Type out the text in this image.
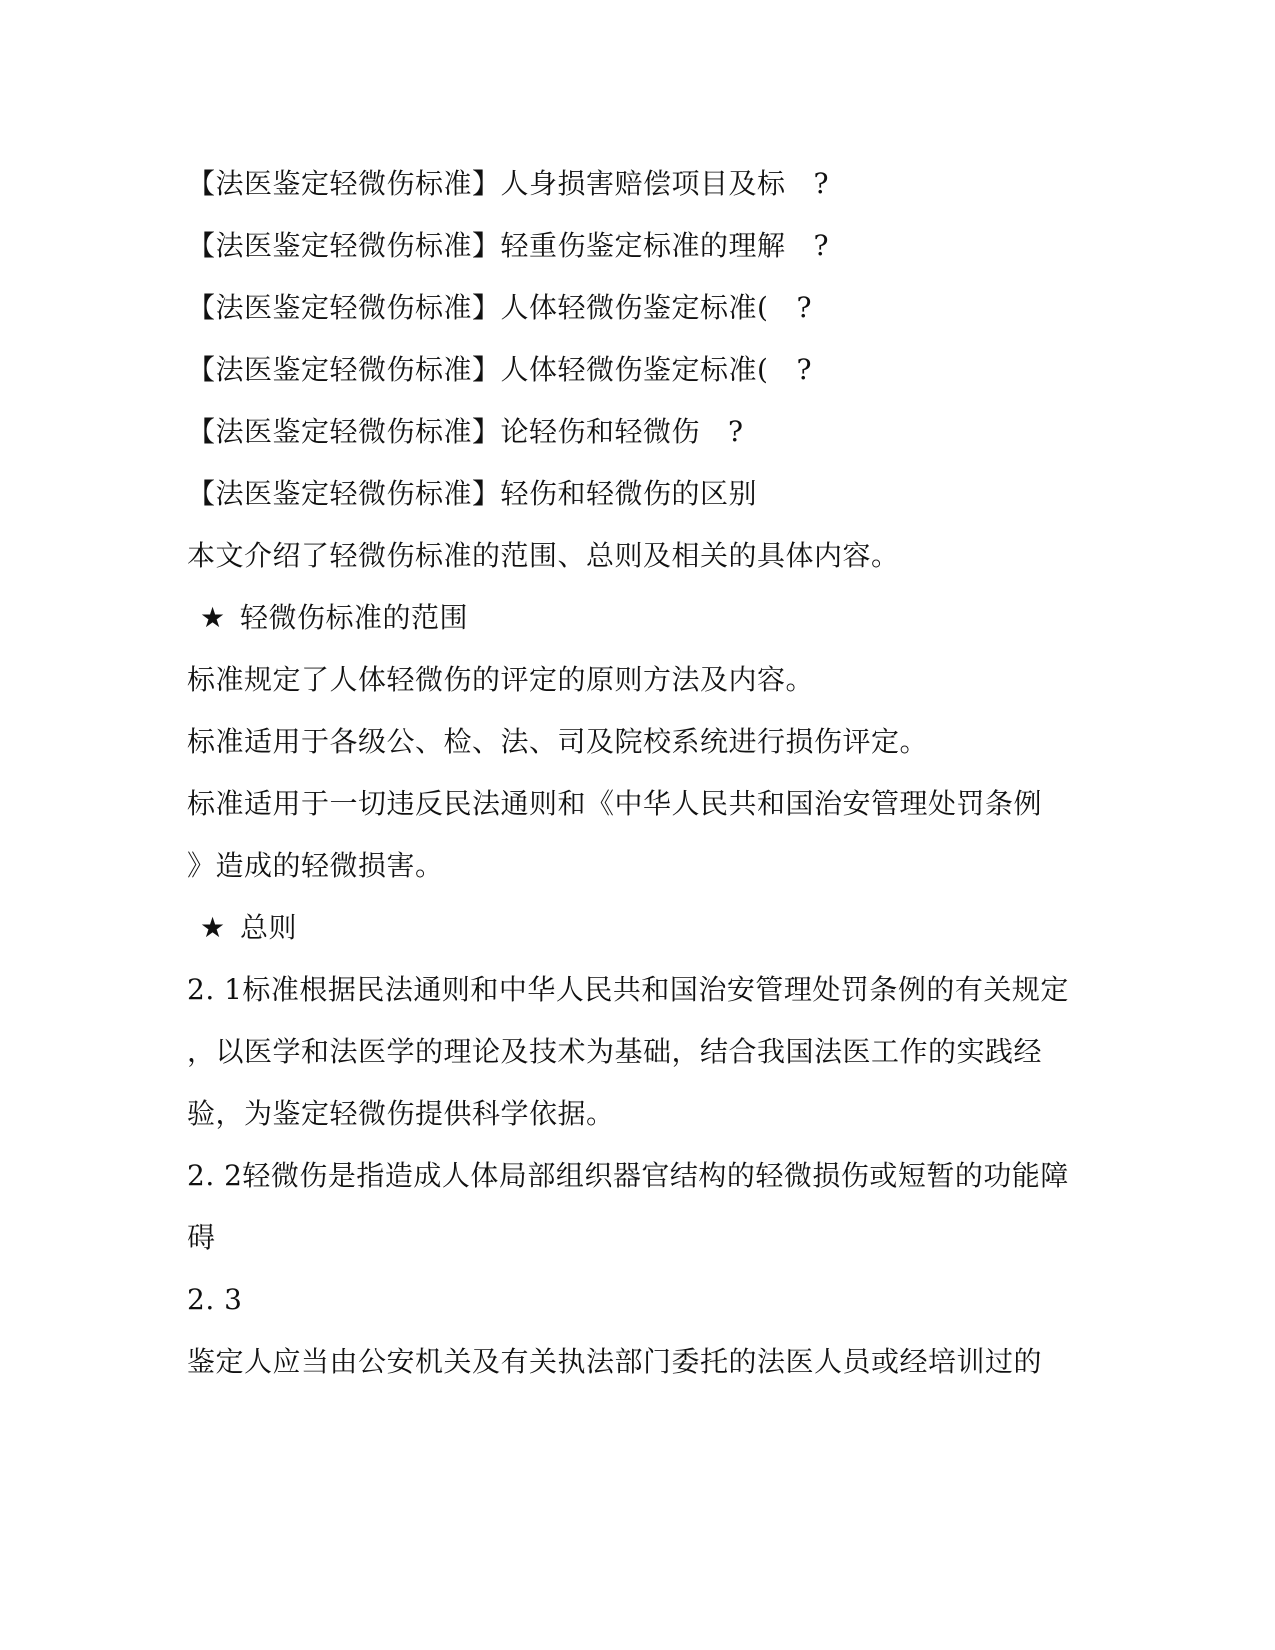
【法医鉴定轻微伤标准】人身损害赔偿项目及标 ?
【法医鉴定轻微伤标准】轻重伤鉴定标准的理解 ?
【法医鉴定轻微伤标准】人体轻微伤鉴定标准( ?
【法医鉴定轻微伤标准】人体轻微伤鉴定标准( ?
【法医鉴定轻微伤标准】论轻伤和轻微伤 ?
【法医鉴定轻微伤标准】轻伤和轻微伤的区别
本文介绍了轻微伤标准的范围、总则及相关的具体内容。
★ 轻微伤标准的范围
标准规定了人体轻微伤的评定的原则方法及内容。
标准适用于各级公、检、法、司及院校系统进行损伤评定。
标准适用于一切违反民法通则和《中华人民共和国治安管理处罚条例
》造成的轻微损害。
★ 总则
2. 1标准根据民法通则和中华人民共和国治安管理处罚条例的有关规定
，以医学和法医学的理论及技术为基础，结合我国法医工作的实践经
验，为鉴定轻微伤提供科学依据。
2. 2轻微伤是指造成人体局部组织器官结构的轻微损伤或短暂的功能障
碍
2. 3
鉴定人应当由公安机关及有关执法部门委托的法医人员或经培训过的
